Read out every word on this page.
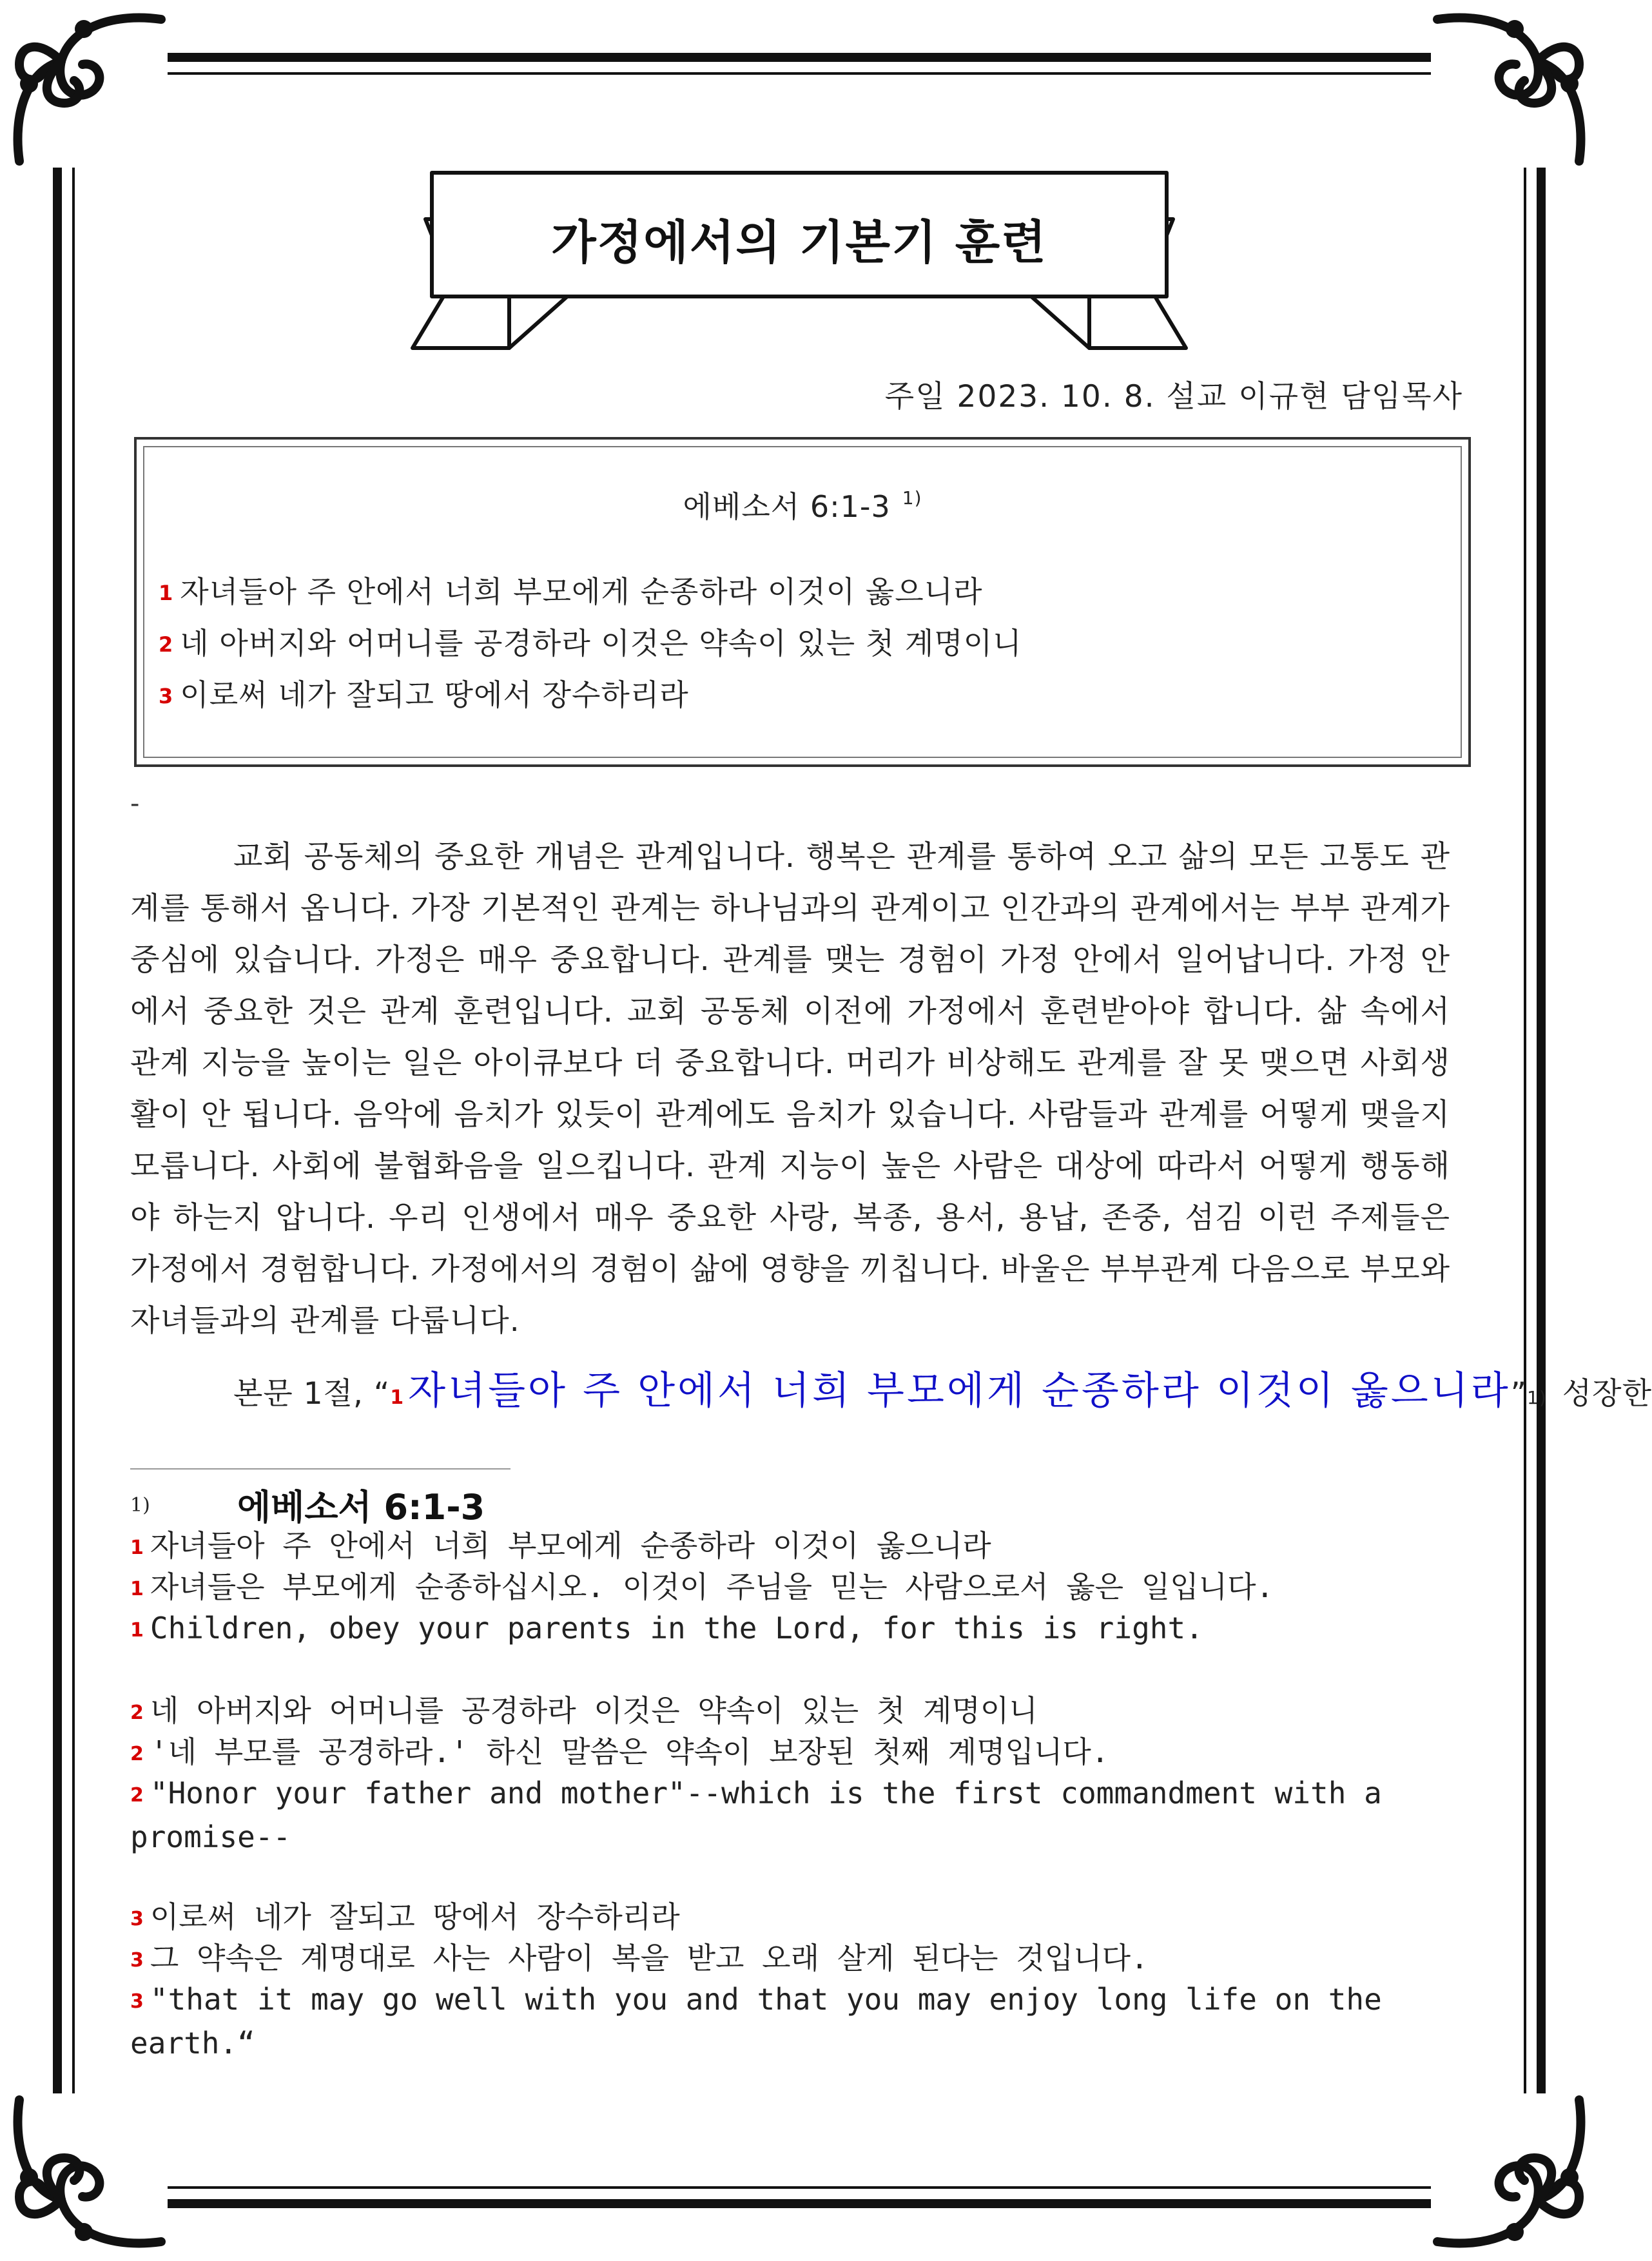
가정에서의 기본기 훈련
주일 2023. 10. 8. 설교 이규현 담임목사
에베소서 6:1-3 $^{1)}$
1 자녀들아 주 안에서 너희 부모에게 순종하라 이것이 옳으니라
2 네 아버지와 어머니를 공경하라 이것은 약속이 있는 첫 계명이니
3 이로써 네가 잘되고 땅에서 장수하리라
-

교회 공동체의 중요한 개념은 관계입니다. 행복은 관계를 통하여 오고 삶의 모든 고통도 관계를 통해서 옵니다. 가장 기본적인 관계는 하나님과의 관계이고 인간과의 관계에서는 부부 관계가 중심에 있습니다. 가정은 매우 중요합니다. 관계를 맺는 경험이 가정 안에서 일어납니다. 가정 안에서 중요한 것은 관계 훈련입니다. 교회 공동체 이전에 가정에서 훈련받아야 합니다. 삶 속에서 관계 지능을 높이는 일은 아이큐보다 더 중요합니다. 머리가 비상해도 관계를 잘 못 맺으면 사회생활이 안 됩니다. 음악에 음치가 있듯이 관계에도 음치가 있습니다. 사람들과 관계를 어떻게 맺을지 모릅니다. 사회에 불협화음을 일으킵니다. 관계 지능이 높은 사람은 대상에 따라서 어떻게 행동해야 하는지 압니다. 우리 인생에서 매우 중요한 사랑, 복종, 용서, 용납, 존중, 섬김 이런 주제들은 가정에서 경험합니다. 가정에서의 경험이 삶에 영향을 끼칩니다. 바울은 부부관계 다음으로 부모와 자녀들과의 관계를 다룹니다.

본문 1절, “ 1 자녀들아 주 안에서 너희 부모에게 순종하라 이것이 옳으니라 ” 1) 성장한
1)	에베소서 6:1-3
1 자녀들아 주 안에서 너희 부모에게 순종하라 이것이 옳으니라
1 자녀들은 부모에게 순종하십시오. 이것이 주님을 믿는 사람으로서 옳은 일입니다.
1 Children, obey your parents in the Lord, for this is right.
2 네 아버지와 어머니를 공경하라 이것은 약속이 있는 첫 계명이니
2 '네 부모를 공경하라.' 하신 말씀은 약속이 보장된 첫째 계명입니다.
2 "Honor your father and mother"--which is the first commandment with a promise--
3 이로써 네가 잘되고 땅에서 장수하리라
3 그 약속은 계명대로 사는 사람이 복을 받고 오래 살게 된다는 것입니다.
3 "that it may go well with you and that you may enjoy long life on the earth.“
